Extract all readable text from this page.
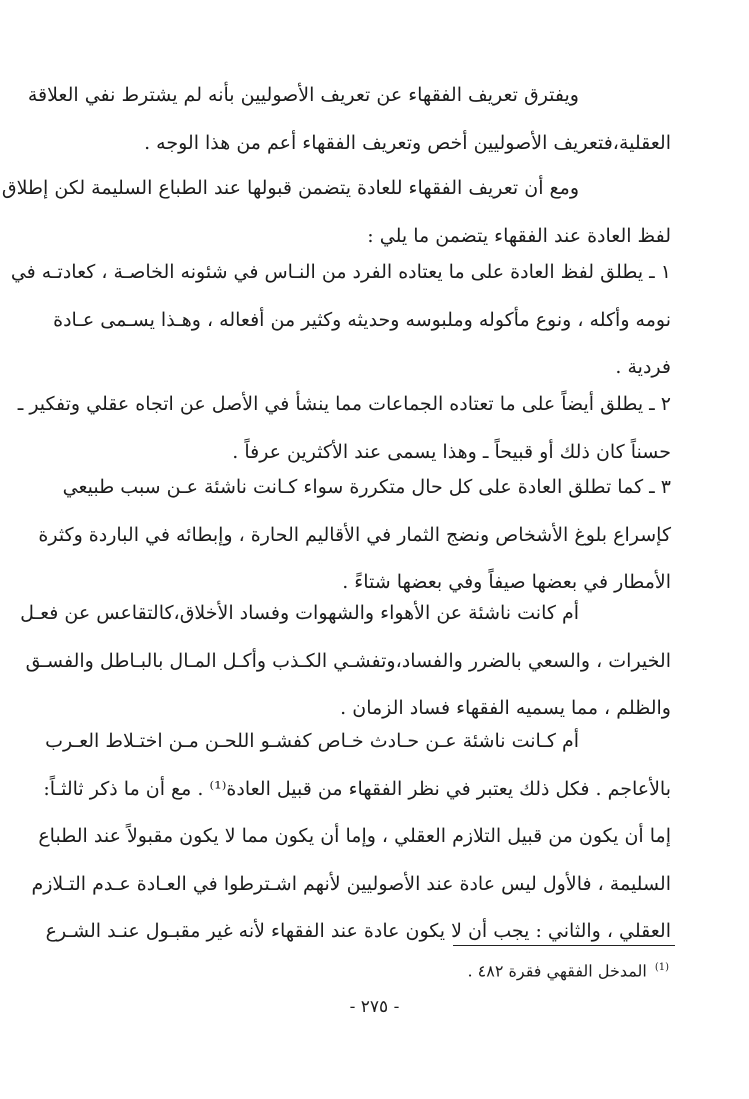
ويفترق تعريف الفقهاء عن تعريف الأصوليين بأنه لم يشترط نفي العلاقة
العقلية،فتعريف الأصوليين أخص وتعريف الفقهاء أعم من هذا الوجه .
ومع أن تعريف الفقهاء للعادة يتضمن قبولها عند الطباع السليمة لكن إطلاق
لفظ العادة عند الفقهاء يتضمن ما يلي :
١ ـ يطلق لفظ العادة على ما يعتاده الفرد من النـاس في شئونه الخاصـة ، كعادتـه في
نومه وأكله ، ونوع مأكوله وملبوسه وحديثه وكثير من أفعاله ، وهـذا يسـمى عـادة
فردية .
٢ ـ يطلق أيضاً على ما تعتاده الجماعات مما ينشأ في الأصل عن اتجاه عقلي وتفكير ـ
حسناً كان ذلك أو قبيحاً ـ وهذا يسمى عند الأكثرين عرفاً .
٣ ـ كما تطلق العادة على كل حال متكررة سواء كـانت ناشئة عـن سبب طبيعي
كإسراع بلوغ الأشخاص ونضج الثمار في الأقاليم الحارة ، وإبطائه في الباردة وكثرة
الأمطار في بعضها صيفاً وفي بعضها شتاءً .
أم كانت ناشئة عن الأهواء والشهوات وفساد الأخلاق،كالتقاعس عن فعـل
الخيرات ، والسعي بالضرر والفساد،وتفشـي الكـذب وأكـل المـال بالبـاطل والفسـق
والظلم ، مما يسميه الفقهاء فساد الزمان .
أم كـانت ناشئة عـن حـادث خـاص كفشـو اللحـن مـن اختـلاط العـرب
بالأعاجم . فكل ذلك يعتبر في نظر الفقهاء من قبيل العادة⁽¹⁾ . مع أن ما ذكر ثالثـاً:
إما أن يكون من قبيل التلازم العقلي ، وإما أن يكون مما لا يكون مقبولاً عند الطباع
السليمة ، فالأول ليس عادة عند الأصوليين لأنهم اشـترطوا في العـادة عـدم التـلازم
العقلي ، والثاني : يجب أن لا يكون عادة عند الفقهاء لأنه غير مقبـول عنـد الشـرع
$^{(1)}$المدخل الفقهي فقرة ٤٨٢ .
- ٢٧٥ -
